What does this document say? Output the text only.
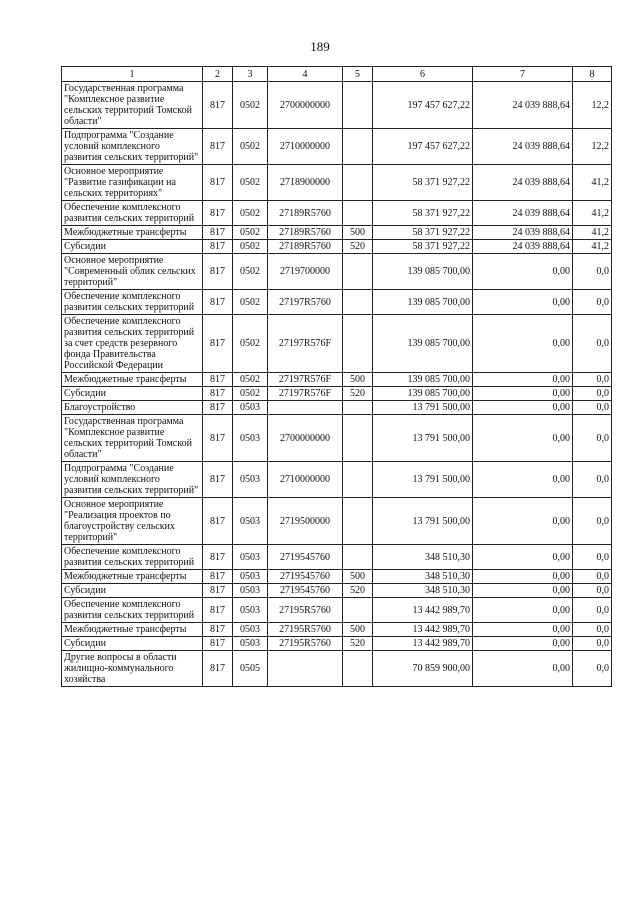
189
1	2	3	4	5	6	7	8
Государственная программа "Комплексное развитие сельских территорий Томской области"	817	0502	2700000000		197 457 627,22	24 039 888,64	12,2
Подпрограмма "Создание условий комплексного развития сельских территорий"	817	0502	2710000000		197 457 627,22	24 039 888,64	12,2
Основное мероприятие "Развитие газификации на сельских территориях"	817	0502	2718900000		58 371 927,22	24 039 888,64	41,2
Обеспечение комплексного развития сельских территорий	817	0502	27189R5760		58 371 927,22	24 039 888,64	41,2
Межбюджетные трансферты	817	0502	27189R5760	500	58 371 927,22	24 039 888,64	41,2
Субсидии	817	0502	27189R5760	520	58 371 927,22	24 039 888,64	41,2
Основное мероприятие "Современный облик сельских территорий"	817	0502	2719700000		139 085 700,00	0,00	0,0
Обеспечение комплексного развития сельских территорий	817	0502	27197R5760		139 085 700,00	0,00	0,0
Обеспечение комплексного развития сельских территорий за счет средств резервного фонда Правительства Российской Федерации	817	0502	27197R576F		139 085 700,00	0,00	0,0
Межбюджетные трансферты	817	0502	27197R576F	500	139 085 700,00	0,00	0,0
Субсидии	817	0502	27197R576F	520	139 085 700,00	0,00	0,0
Благоустройство	817	0503			13 791 500,00	0,00	0,0
Государственная программа "Комплексное развитие сельских территорий Томской области"	817	0503	2700000000		13 791 500,00	0,00	0,0
Подпрограмма "Создание условий комплексного развития сельских территорий"	817	0503	2710000000		13 791 500,00	0,00	0,0
Основное мероприятие "Реализация проектов по благоустройству сельских территорий"	817	0503	2719500000		13 791 500,00	0,00	0,0
Обеспечение комплексного развития сельских территорий	817	0503	2719545760		348 510,30	0,00	0,0
Межбюджетные трансферты	817	0503	2719545760	500	348 510,30	0,00	0,0
Субсидии	817	0503	2719545760	520	348 510,30	0,00	0,0
Обеспечение комплексного развития сельских территорий	817	0503	27195R5760		13 442 989,70	0,00	0,0
Межбюджетные трансферты	817	0503	27195R5760	500	13 442 989,70	0,00	0,0
Субсидии	817	0503	27195R5760	520	13 442 989,70	0,00	0,0
Другие вопросы в области жилищно-коммунального хозяйства	817	0505			70 859 900,00	0,00	0,0
